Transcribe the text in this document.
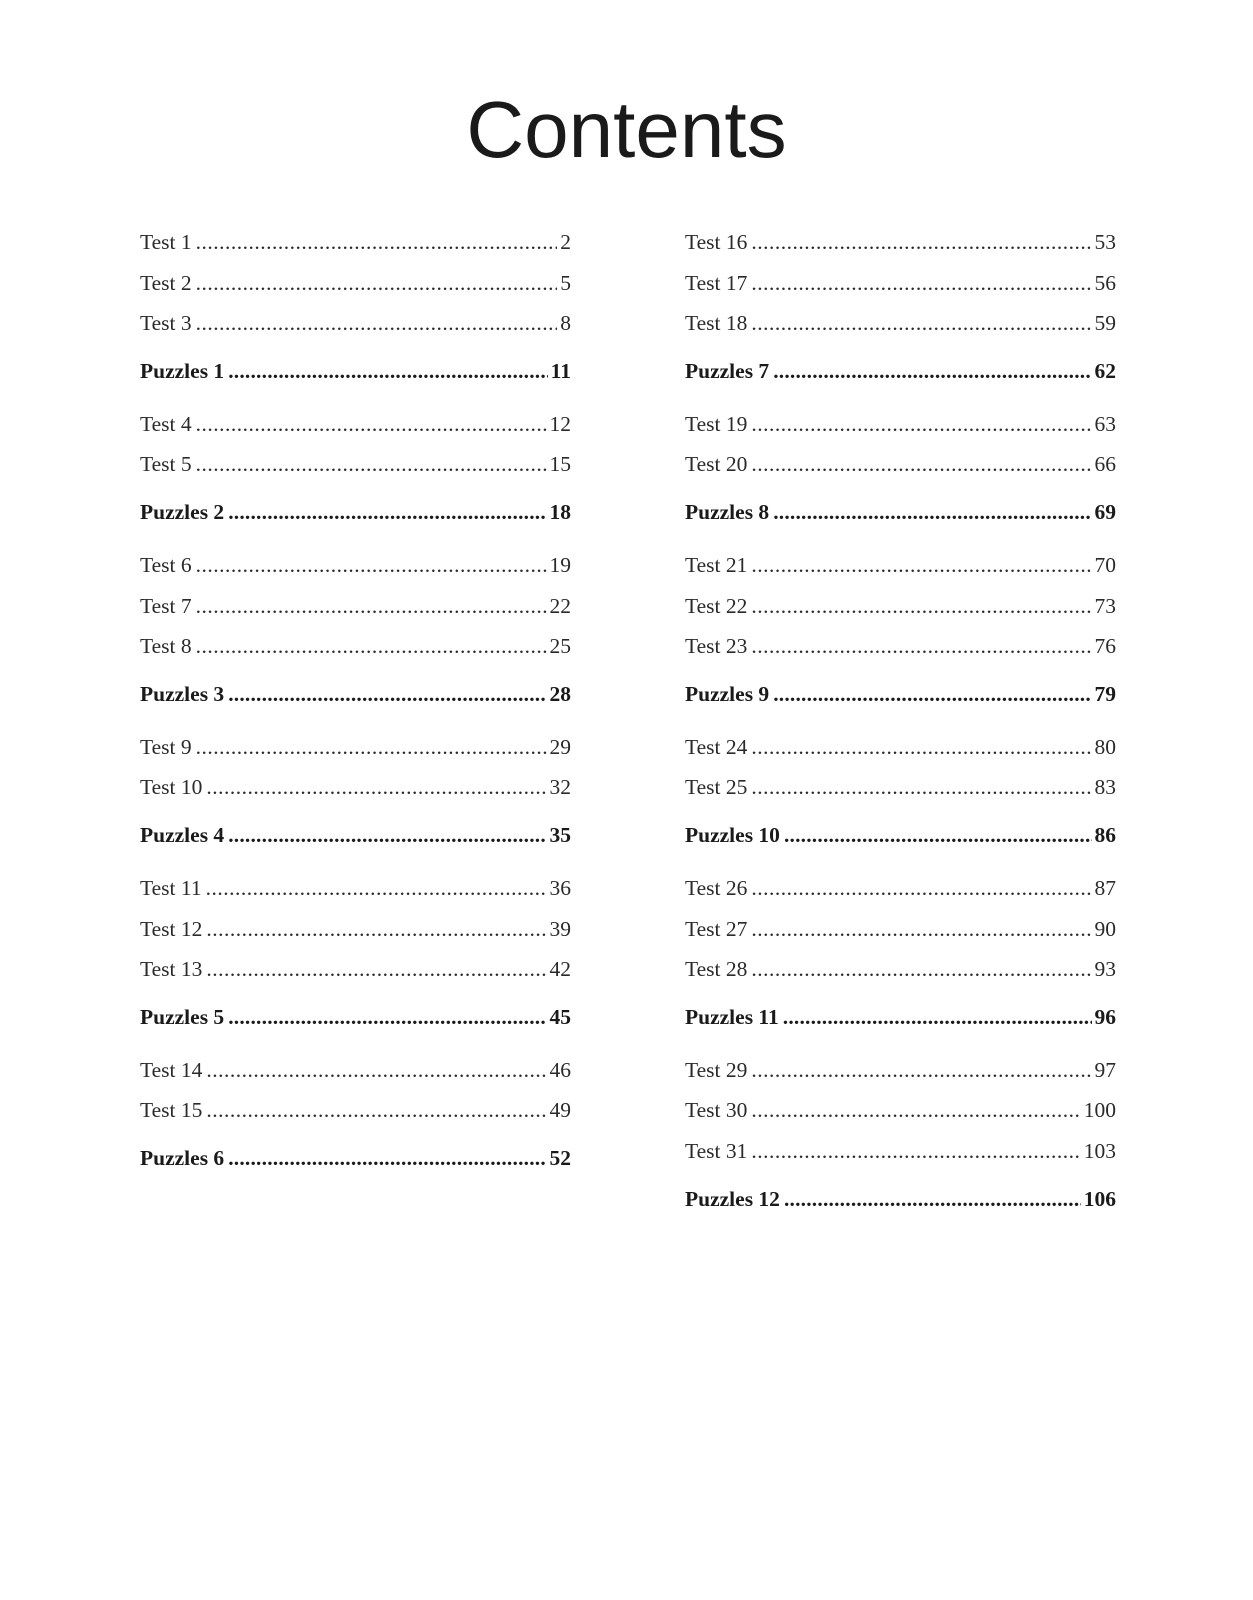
Contents
Test 1 .....	2
Test 2 .....	5
Test 3 .....	8
Puzzles 1 .....	11
Test 4 .....	12
Test 5 .....	15
Puzzles 2 .....	18
Test 6 .....	19
Test 7 .....	22
Test 8 .....	25
Puzzles 3 .....	28
Test 9 .....	29
Test 10 .....	32
Puzzles 4 .....	35
Test 11 .....	36
Test 12 .....	39
Test 13 .....	42
Puzzles 5 .....	45
Test 14 .....	46
Test 15 .....	49
Puzzles 6 .....	52
Test 16 .....	53
Test 17 .....	56
Test 18 .....	59
Puzzles 7 .....	62
Test 19 .....	63
Test 20 .....	66
Puzzles 8 .....	69
Test 21 .....	70
Test 22 .....	73
Test 23 .....	76
Puzzles 9 .....	79
Test 24 .....	80
Test 25 .....	83
Puzzles 10 .....	86
Test 26 .....	87
Test 27 .....	90
Test 28 .....	93
Puzzles 11 .....	96
Test 29 .....	97
Test 30 .....	100
Test 31 .....	103
Puzzles 12 .....	106
